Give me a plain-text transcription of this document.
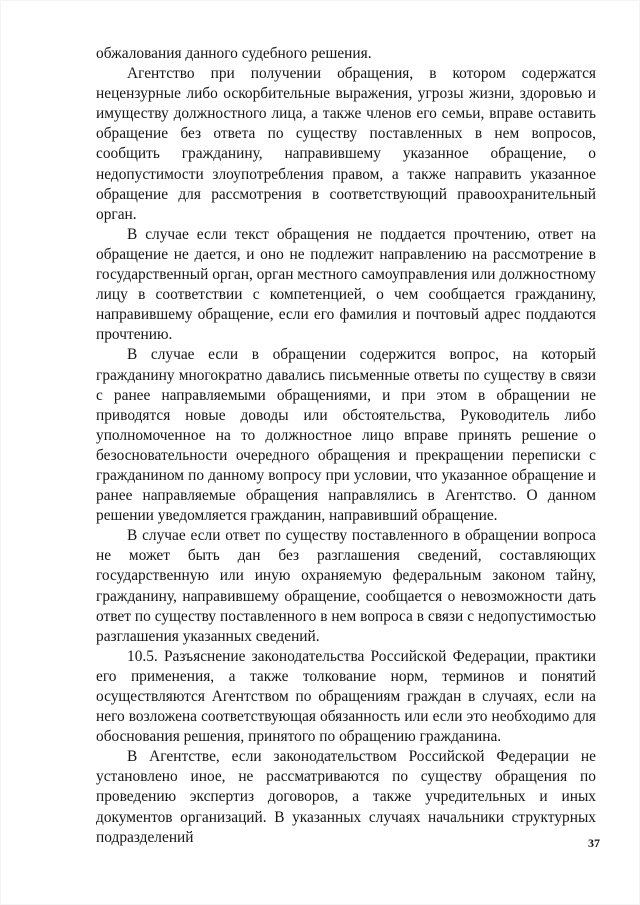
обжалования данного судебного решения.

Агентство при получении обращения, в котором содержатся нецензурные либо оскорбительные выражения, угрозы жизни, здоровью и имуществу должностного лица, а также членов его семьи, вправе оставить обращение без ответа по существу поставленных в нем вопросов, сообщить гражданину, направившему указанное обращение, о недопустимости злоупотребления правом, а также направить указанное обращение для рассмотрения в соответствующий правоохранительный орган.

В случае если текст обращения не поддается прочтению, ответ на обращение не дается, и оно не подлежит направлению на рассмотрение в государственный орган, орган местного самоуправления или должностному лицу в соответствии с компетенцией, о чем сообщается гражданину, направившему обращение, если его фамилия и почтовый адрес поддаются прочтению.

В случае если в обращении содержится вопрос, на который гражданину многократно давались письменные ответы по существу в связи с ранее направляемыми обращениями, и при этом в обращении не приводятся новые доводы или обстоятельства, Руководитель либо уполномоченное на то должностное лицо вправе принять решение о безосновательности очередного обращения и прекращении переписки с гражданином по данному вопросу при условии, что указанное обращение и ранее направляемые обращения направлялись в Агентство. О данном решении уведомляется гражданин, направивший обращение.

В случае если ответ по существу поставленного в обращении вопроса не может быть дан без разглашения сведений, составляющих государственную или иную охраняемую федеральным законом тайну, гражданину, направившему обращение, сообщается о невозможности дать ответ по существу поставленного в нем вопроса в связи с недопустимостью разглашения указанных сведений.

10.5. Разъяснение законодательства Российской Федерации, практики его применения, а также толкование норм, терминов и понятий осуществляются Агентством по обращениям граждан в случаях, если на него возложена соответствующая обязанность или если это необходимо для обоснования решения, принятого по обращению гражданина.

В Агентстве, если законодательством Российской Федерации не установлено иное, не рассматриваются по существу обращения по проведению экспертиз договоров, а также учредительных и иных документов организаций. В указанных случаях начальники структурных подразделений	37
